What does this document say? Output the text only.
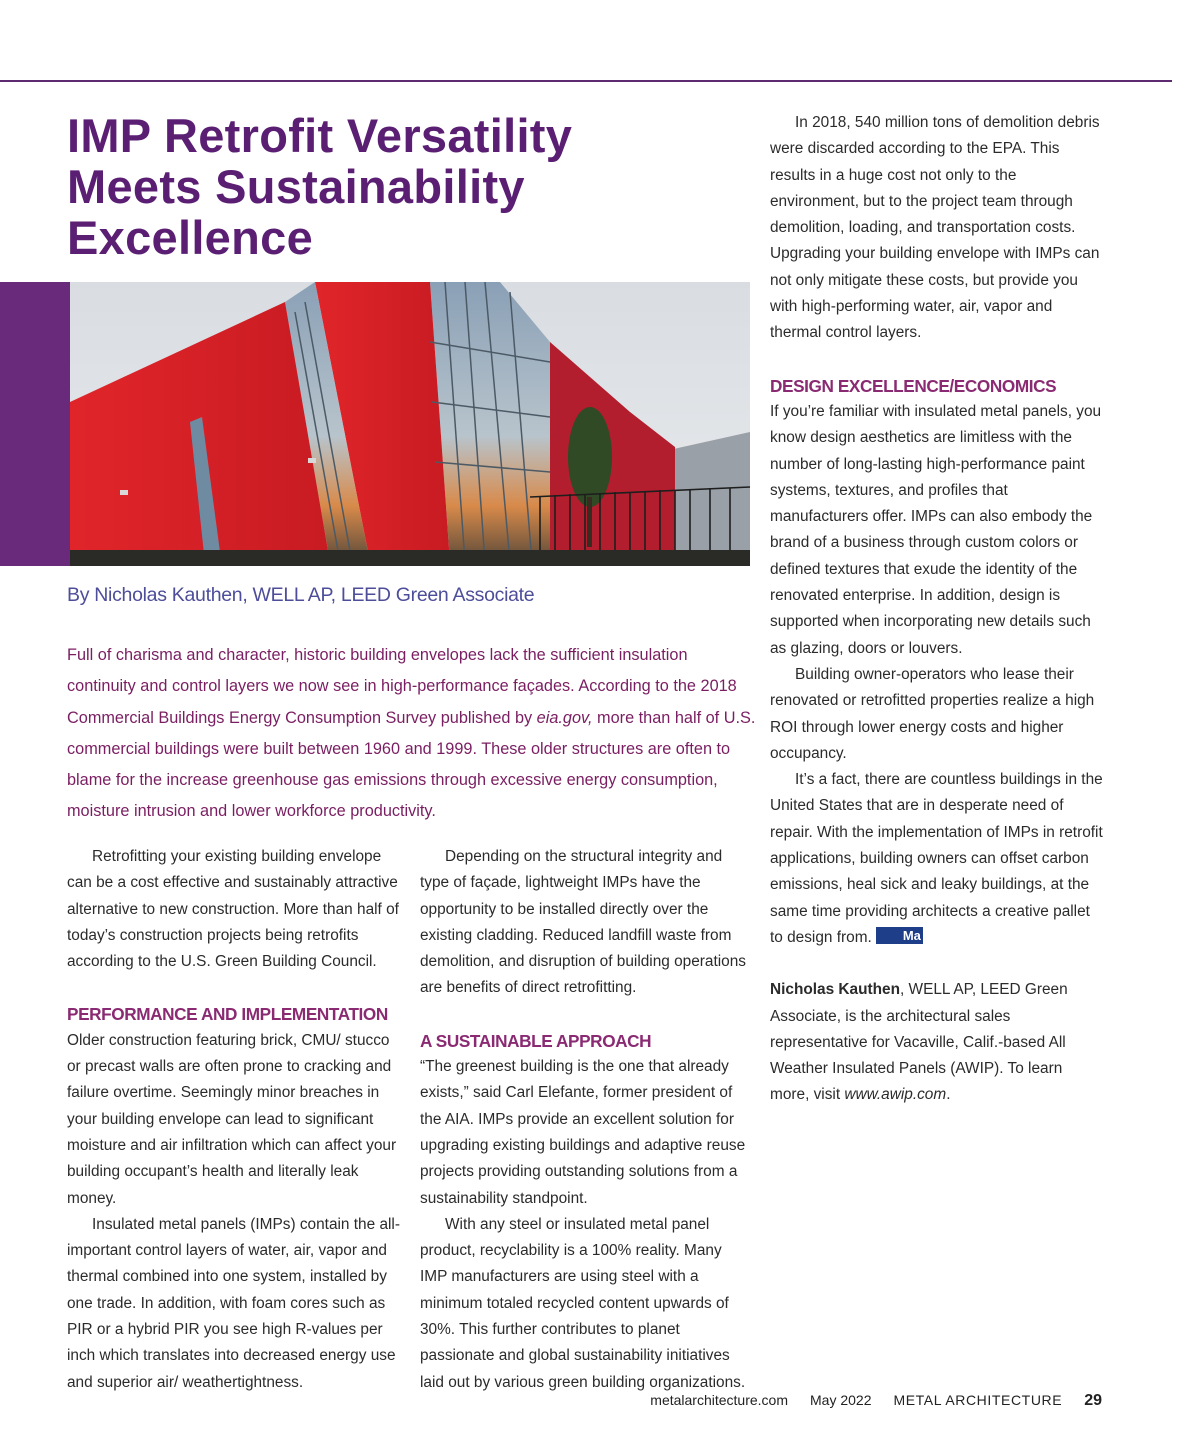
IMP Retrofit Versatility Meets Sustainability Excellence
By Nicholas Kauthen, WELL AP, LEED Green Associate

Full of charisma and character, historic building envelopes lack the sufficient insulation continuity and control layers we now see in high-performance façades. According to the 2018 Commercial Buildings Energy Consumption Survey published by eia.gov, more than half of U.S. commercial buildings were built between 1960 and 1999. These older structures are often to blame for the increase greenhouse gas emissions through excessive energy consumption, moisture intrusion and lower workforce productivity.

Retrofitting your existing building envelope can be a cost effective and sustainably attractive alternative to new construction. More than half of today’s construction projects being retrofits according to the U.S. Green Building Council.

PERFORMANCE AND IMPLEMENTATION

Older construction featuring brick, CMU/ stucco or precast walls are often prone to cracking and failure overtime. Seemingly minor breaches in your building envelope can lead to significant moisture and air infiltration which can affect your building occupant’s health and literally leak money.

Insulated metal panels (IMPs) contain the all-important control layers of water, air, vapor and thermal combined into one system, installed by one trade. In addition, with foam cores such as PIR or a hybrid PIR you see high R-values per inch which translates into decreased energy use and superior air/ weathertightness.

Depending on the structural integrity and type of façade, lightweight IMPs have the opportunity to be installed directly over the existing cladding. Reduced landfill waste from demolition, and disruption of building operations are benefits of direct retrofitting.

A SUSTAINABLE APPROACH

“The greenest building is the one that already exists,” said Carl Elefante, former president of the AIA. IMPs provide an excellent solution for upgrading existing buildings and adaptive reuse projects providing outstanding solutions from a sustainability standpoint.

With any steel or insulated metal panel product, recyclability is a 100% reality. Many IMP manufacturers are using steel with a minimum totaled recycled content upwards of 30%. This further contributes to planet passionate and global sustainability initiatives laid out by various green building organizations.

In 2018, 540 million tons of demolition debris were discarded according to the EPA. This results in a huge cost not only to the environment, but to the project team through demolition, loading, and transportation costs. Upgrading your building envelope with IMPs can not only mitigate these costs, but provide you with high-performing water, air, vapor and thermal control layers.

DESIGN EXCELLENCE/ECONOMICS

If you’re familiar with insulated metal panels, you know design aesthetics are limitless with the number of long-lasting high-performance paint systems, textures, and profiles that manufacturers offer. IMPs can also embody the brand of a business through custom colors or defined textures that exude the identity of the renovated enterprise. In addition, design is supported when incorporating new details such as glazing, doors or louvers.

Building owner-operators who lease their renovated or retrofitted properties realize a high ROI through lower energy costs and higher occupancy.

It’s a fact, there are countless buildings in the United States that are in desperate need of repair. With the implementation of IMPs in retrofit applications, building owners can offset carbon emissions, heal sick and leaky buildings, at the same time providing architects a creative pallet to design from. Ma

Nicholas Kauthen, WELL AP, LEED Green Associate, is the architectural sales representative for Vacaville, Calif.-based All Weather Insulated Panels (AWIP). To learn more, visit www.awip.com.

metalarchitecture.com May 2022 METAL ARCHITECTURE 29
